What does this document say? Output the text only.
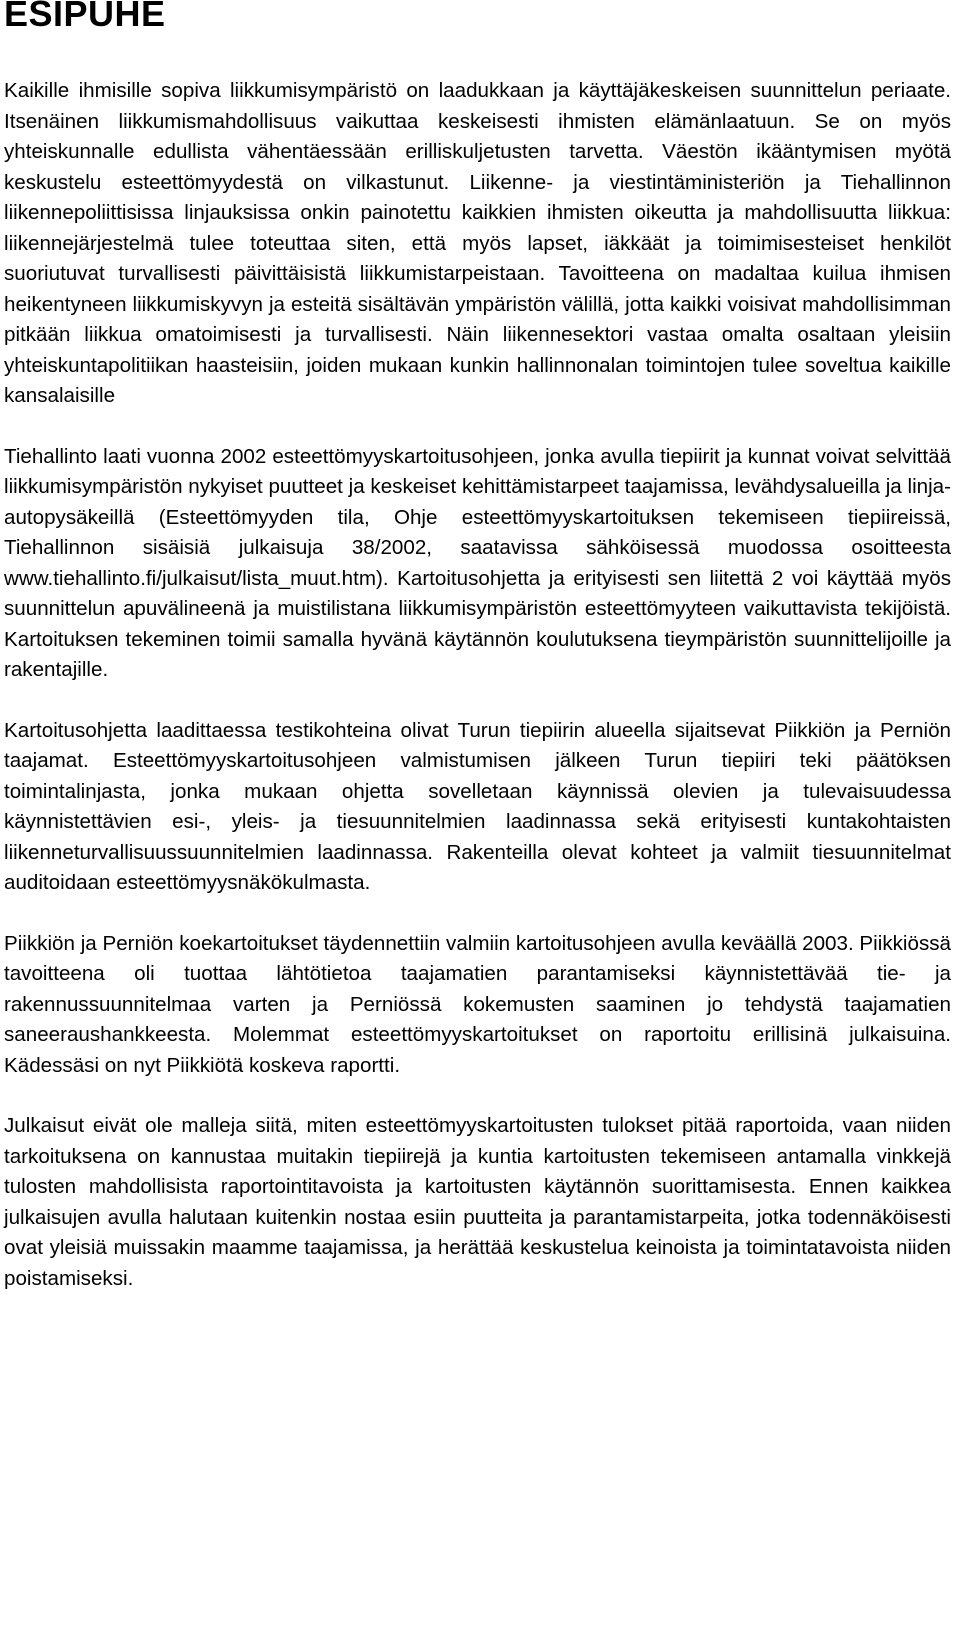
ESIPUHE

Kaikille ihmisille sopiva liikkumisympäristö on laadukkaan ja käyttäjäkeskeisen suunnittelun periaate. Itsenäinen liikkumismahdollisuus vaikuttaa keskeisesti ihmisten elämänlaatuun. Se on myös yhteiskunnalle edullista vähentäessään erilliskuljetusten tarvetta. Väestön ikääntymisen myötä keskustelu esteettömyydestä on vilkastunut. Liikenne- ja viestintäministeriön ja Tiehallinnon liikennepoliittisissa linjauksissa onkin painotettu kaikkien ihmisten oikeutta ja mahdollisuutta liikkua: liikennejärjestelmä tulee toteuttaa siten, että myös lapset, iäkkäät ja toimimisesteiset henkilöt suoriutuvat turvallisesti päivittäisistä liikkumistarpeistaan. Tavoitteena on madaltaa kuilua ihmisen heikentyneen liikkumiskyvyn ja esteitä sisältävän ympäristön välillä, jotta kaikki voisivat mahdollisimman pitkään liikkua omatoimisesti ja turvallisesti. Näin liikennesektori vastaa omalta osaltaan yleisiin yhteiskuntapolitiikan haasteisiin, joiden mukaan kunkin hallinnonalan toimintojen tulee soveltua kaikille kansalaisille

Tiehallinto laati vuonna 2002 esteettömyyskartoitusohjeen, jonka avulla tiepiirit ja kunnat voivat selvittää liikkumisympäristön nykyiset puutteet ja keskeiset kehittämistarpeet taajamissa, levähdysalueilla ja linja-autopysäkeillä (Esteettömyyden tila, Ohje esteettömyyskartoituksen tekemiseen tiepiireissä, Tiehallinnon sisäisiä julkaisuja 38/2002, saatavissa sähköisessä muodossa osoitteesta www.tiehallinto.fi/julkaisut/lista_muut.htm). Kartoitusohjetta ja erityisesti sen liitettä 2 voi käyttää myös suunnittelun apuvälineenä ja muistilistana liikkumisympäristön esteettömyyteen vaikuttavista tekijöistä. Kartoituksen tekeminen toimii samalla hyvänä käytännön koulutuksena tieympäristön suunnittelijoille ja rakentajille.

Kartoitusohjetta laadittaessa testikohteina olivat Turun tiepiirin alueella sijaitsevat Piikkiön ja Perniön taajamat. Esteettömyyskartoitusohjeen valmistumisen jälkeen Turun tiepiiri teki päätöksen toimintalinjasta, jonka mukaan ohjetta sovelletaan käynnissä olevien ja tulevaisuudessa käynnistettävien esi-, yleis- ja tiesuunnitelmien laadinnassa sekä erityisesti kuntakohtaisten liikenneturvallisuussuunnitelmien laadinnassa. Rakenteilla olevat kohteet ja valmiit tiesuunnitelmat auditoidaan esteettömyysnäkökulmasta.

Piikkiön ja Perniön koekartoitukset täydennettiin valmiin kartoitusohjeen avulla keväällä 2003. Piikkiössä tavoitteena oli tuottaa lähtötietoa taajamatien parantamiseksi käynnistettävää tie- ja rakennussuunnitelmaa varten ja Perniössä kokemusten saaminen jo tehdystä taajamatien saneeraushankkeesta. Molemmat esteettömyyskartoitukset on raportoitu erillisinä julkaisuina. Kädessäsi on nyt Piikkiötä koskeva raportti.

Julkaisut eivät ole malleja siitä, miten esteettömyyskartoitusten tulokset pitää raportoida, vaan niiden tarkoituksena on kannustaa muitakin tiepiirejä ja kuntia kartoitusten tekemiseen antamalla vinkkejä tulosten mahdollisista raportointitavoista ja kartoitusten käytännön suorittamisesta. Ennen kaikkea julkaisujen avulla halutaan kuitenkin nostaa esiin puutteita ja parantamistarpeita, jotka todennäköisesti ovat yleisiä muissakin maamme taajamissa, ja herättää keskustelua keinoista ja toimintatavoista niiden poistamiseksi.
